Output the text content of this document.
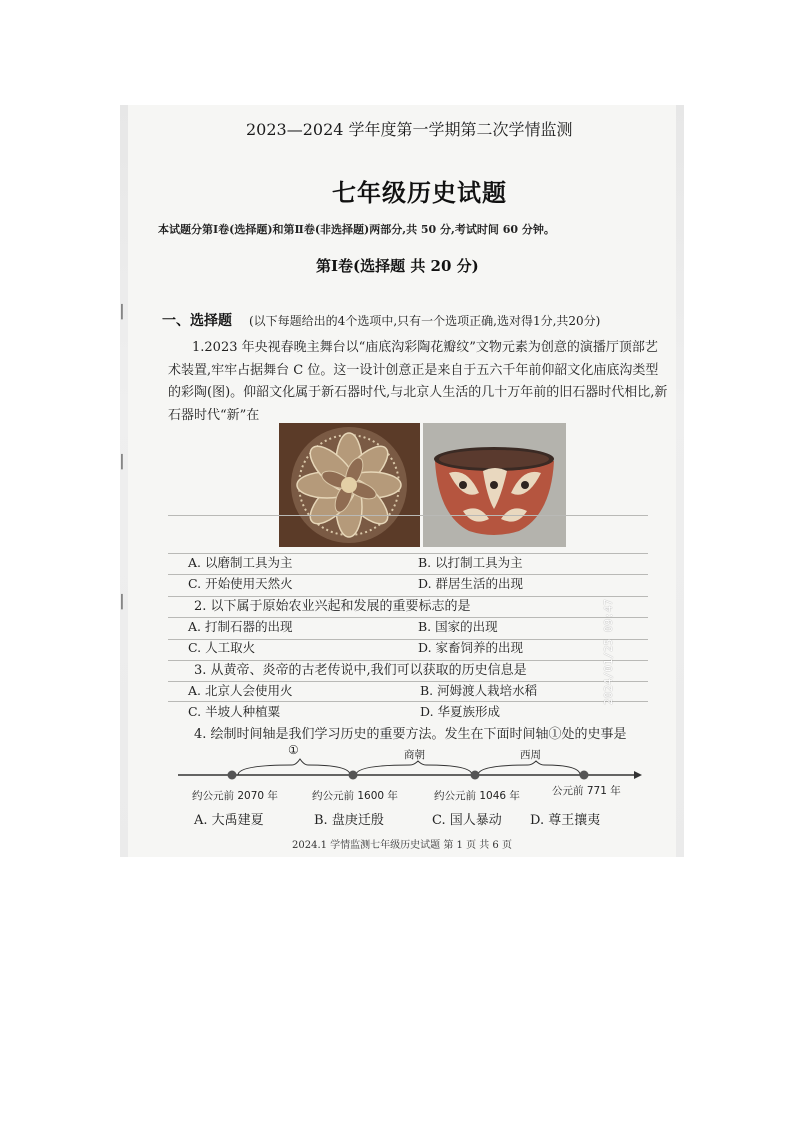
2023—2024 学年度第一学期第二次学情监测
七年级历史试题
本试题分第Ⅰ卷(选择题)和第Ⅱ卷(非选择题)两部分,共 50 分,考试时间 60 分钟。
第Ⅰ卷(选择题 共 20 分)
一、选择题 (以下每题给出的4个选项中,只有一个选项正确,选对得1分,共20分)
1.2023 年央视春晚主舞台以“庙底沟彩陶花瓣纹”文物元素为创意的演播厅顶部艺术装置,牢牢占据舞台 C 位。这一设计创意正是来自于五六千年前仰韶文化庙底沟类型的彩陶(图)。仰韶文化属于新石器时代,与北京人生活的几十万年前的旧石器时代相比,新石器时代“新”在
A. 以磨制工具为主	B. 以打制工具为主
C. 开始使用天然火	D. 群居生活的出现
2. 以下属于原始农业兴起和发展的重要标志的是
A. 打制石器的出现	B. 国家的出现
C. 人工取火	D. 家畜饲养的出现
3. 从黄帝、炎帝的古老传说中,我们可以获取的历史信息是
A. 北京人会使用火	B. 河姆渡人栽培水稻
C. 半坡人种植粟	D. 华夏族形成
4. 绘制时间轴是我们学习历史的重要方法。发生在下面时间轴①处的史事是
①	商朝	西周
约公元前 2070 年	约公元前 1600 年	约公元前 1046 年	公元前 771 年
A. 大禹建夏	B. 盘庚迁殷	C. 国人暴动 D. 尊王攘夷
2024.1 学情监测七年级历史试题 第 1 页 共 6 页
│
│
│	2024/01/25 09:47
